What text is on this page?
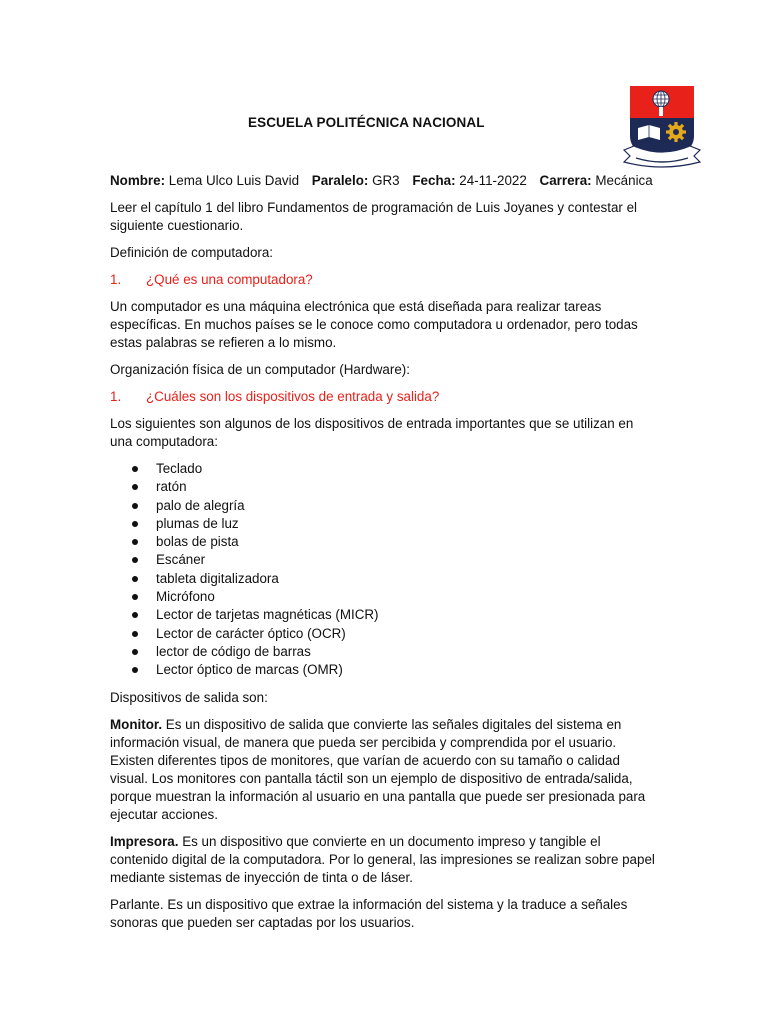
ESCUELA POLITÉCNICA NACIONAL
Nombre: Lema Ulco Luis David Paralelo: GR3 Fecha: 24-11-2022 Carrera: Mecánica

Leer el capítulo 1 del libro Fundamentos de programación de Luis Joyanes y contestar el siguiente cuestionario.

Definición de computadora:

1. ¿Qué es una computadora?

Un computador es una máquina electrónica que está diseñada para realizar tareas específicas. En muchos países se le conoce como computadora u ordenador, pero todas estas palabras se refieren a lo mismo.

Organización física de un computador (Hardware):

1. ¿Cuáles son los dispositivos de entrada y salida?

Los siguientes son algunos de los dispositivos de entrada importantes que se utilizan en una computadora:

Teclado
ratón
palo de alegría
plumas de luz
bolas de pista
Escáner
tableta digitalizadora
Micrófono
Lector de tarjetas magnéticas (MICR)
Lector de carácter óptico (OCR)
lector de código de barras
Lector óptico de marcas (OMR)

Dispositivos de salida son:

Monitor. Es un dispositivo de salida que convierte las señales digitales del sistema en información visual, de manera que pueda ser percibida y comprendida por el usuario. Existen diferentes tipos de monitores, que varían de acuerdo con su tamaño o calidad visual. Los monitores con pantalla táctil son un ejemplo de dispositivo de entrada/salida, porque muestran la información al usuario en una pantalla que puede ser presionada para ejecutar acciones.

Impresora. Es un dispositivo que convierte en un documento impreso y tangible el contenido digital de la computadora. Por lo general, las impresiones se realizan sobre papel mediante sistemas de inyección de tinta o de láser.

Parlante. Es un dispositivo que extrae la información del sistema y la traduce a señales sonoras que pueden ser captadas por los usuarios.
